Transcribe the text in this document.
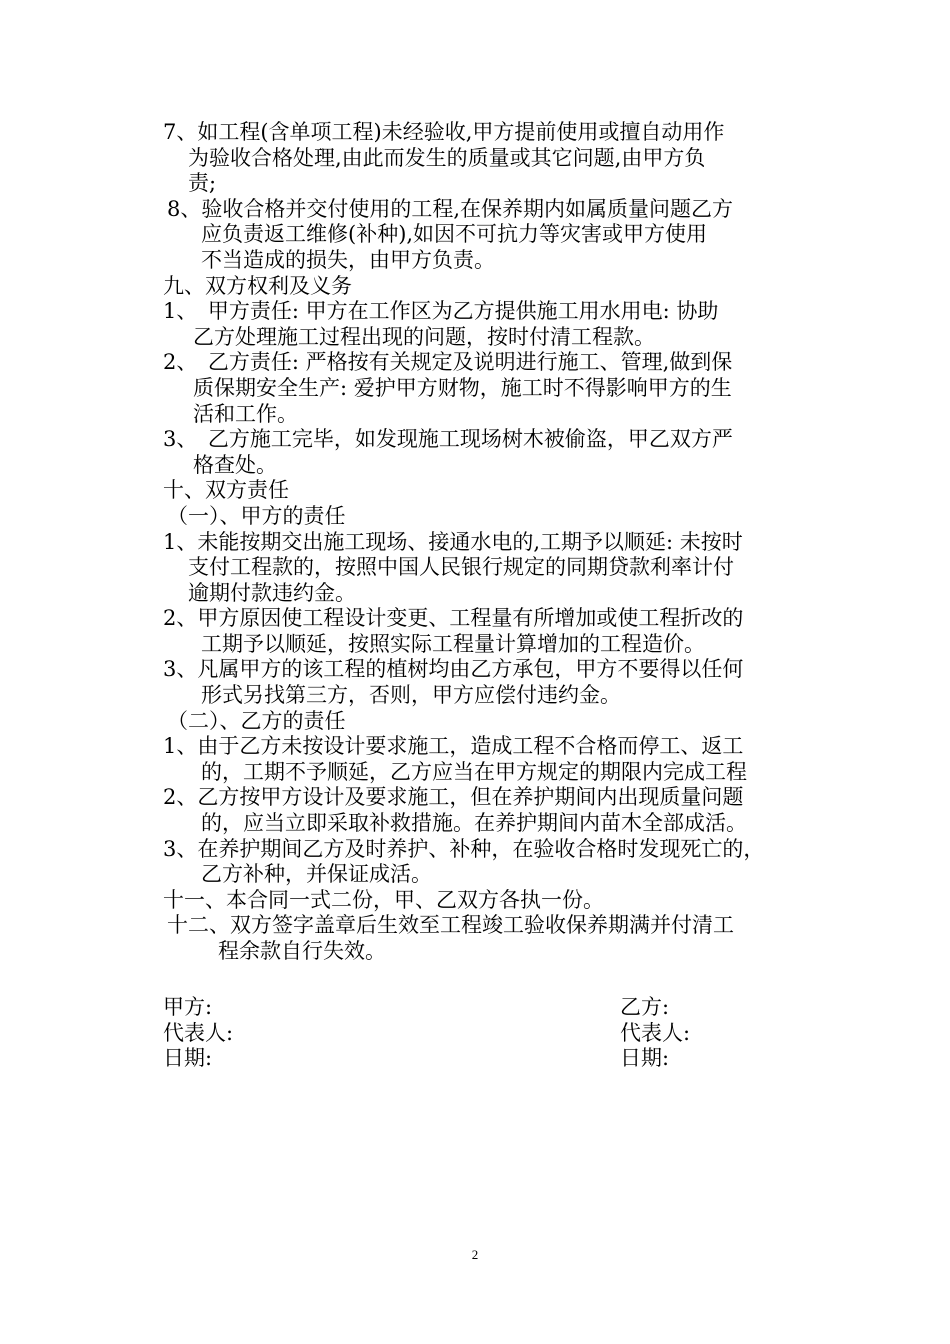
7、如工程(含单项工程)未经验收,甲方提前使用或擅自动用作
为验收合格处理,由此而发生的质量或其它问题,由甲方负
责;
8、验收合格并交付使用的工程,在保养期内如属质量问题乙方
应负责返工维修(补种),如因不可抗力等灾害或甲方使用
不当造成的损失，由甲方负责。
九、双方权利及义务
1、　甲方责任: 甲方在工作区为乙方提供施工用水用电: 协助
乙方处理施工过程出现的问题，按时付清工程款。
2、　乙方责任: 严格按有关规定及说明进行施工、管理,做到保
质保期安全生产: 爱护甲方财物，施工时不得影响甲方的生
活和工作。
3、　乙方施工完毕，如发现施工现场树木被偷盗，甲乙双方严
格查处。
十、双方责任
（一）、甲方的责任
1、未能按期交出施工现场、接通水电的,工期予以顺延: 未按时
支付工程款的，按照中国人民银行规定的同期贷款利率计付
逾期付款违约金。
2、甲方原因使工程设计变更、工程量有所增加或使工程折改的
工期予以顺延，按照实际工程量计算增加的工程造价。
3、凡属甲方的该工程的植树均由乙方承包，甲方不要得以任何
形式另找第三方，否则，甲方应偿付违约金。
（二）、乙方的责任
1、由于乙方未按设计要求施工，造成工程不合格而停工、返工
的，工期不予顺延，乙方应当在甲方规定的期限内完成工程
2、乙方按甲方设计及要求施工，但在养护期间内出现质量问题
的，应当立即采取补救措施。在养护期间内苗木全部成活。
3、在养护期间乙方及时养护、补种，在验收合格时发现死亡的，
乙方补种，并保证成活。
十一、本合同一式二份，甲、乙双方各执一份。
十二、双方签字盖章后生效至工程竣工验收保养期满并付清工
程余款自行失效。
甲方:
代表人:
日期:
乙方:
代表人:
日期:
2
